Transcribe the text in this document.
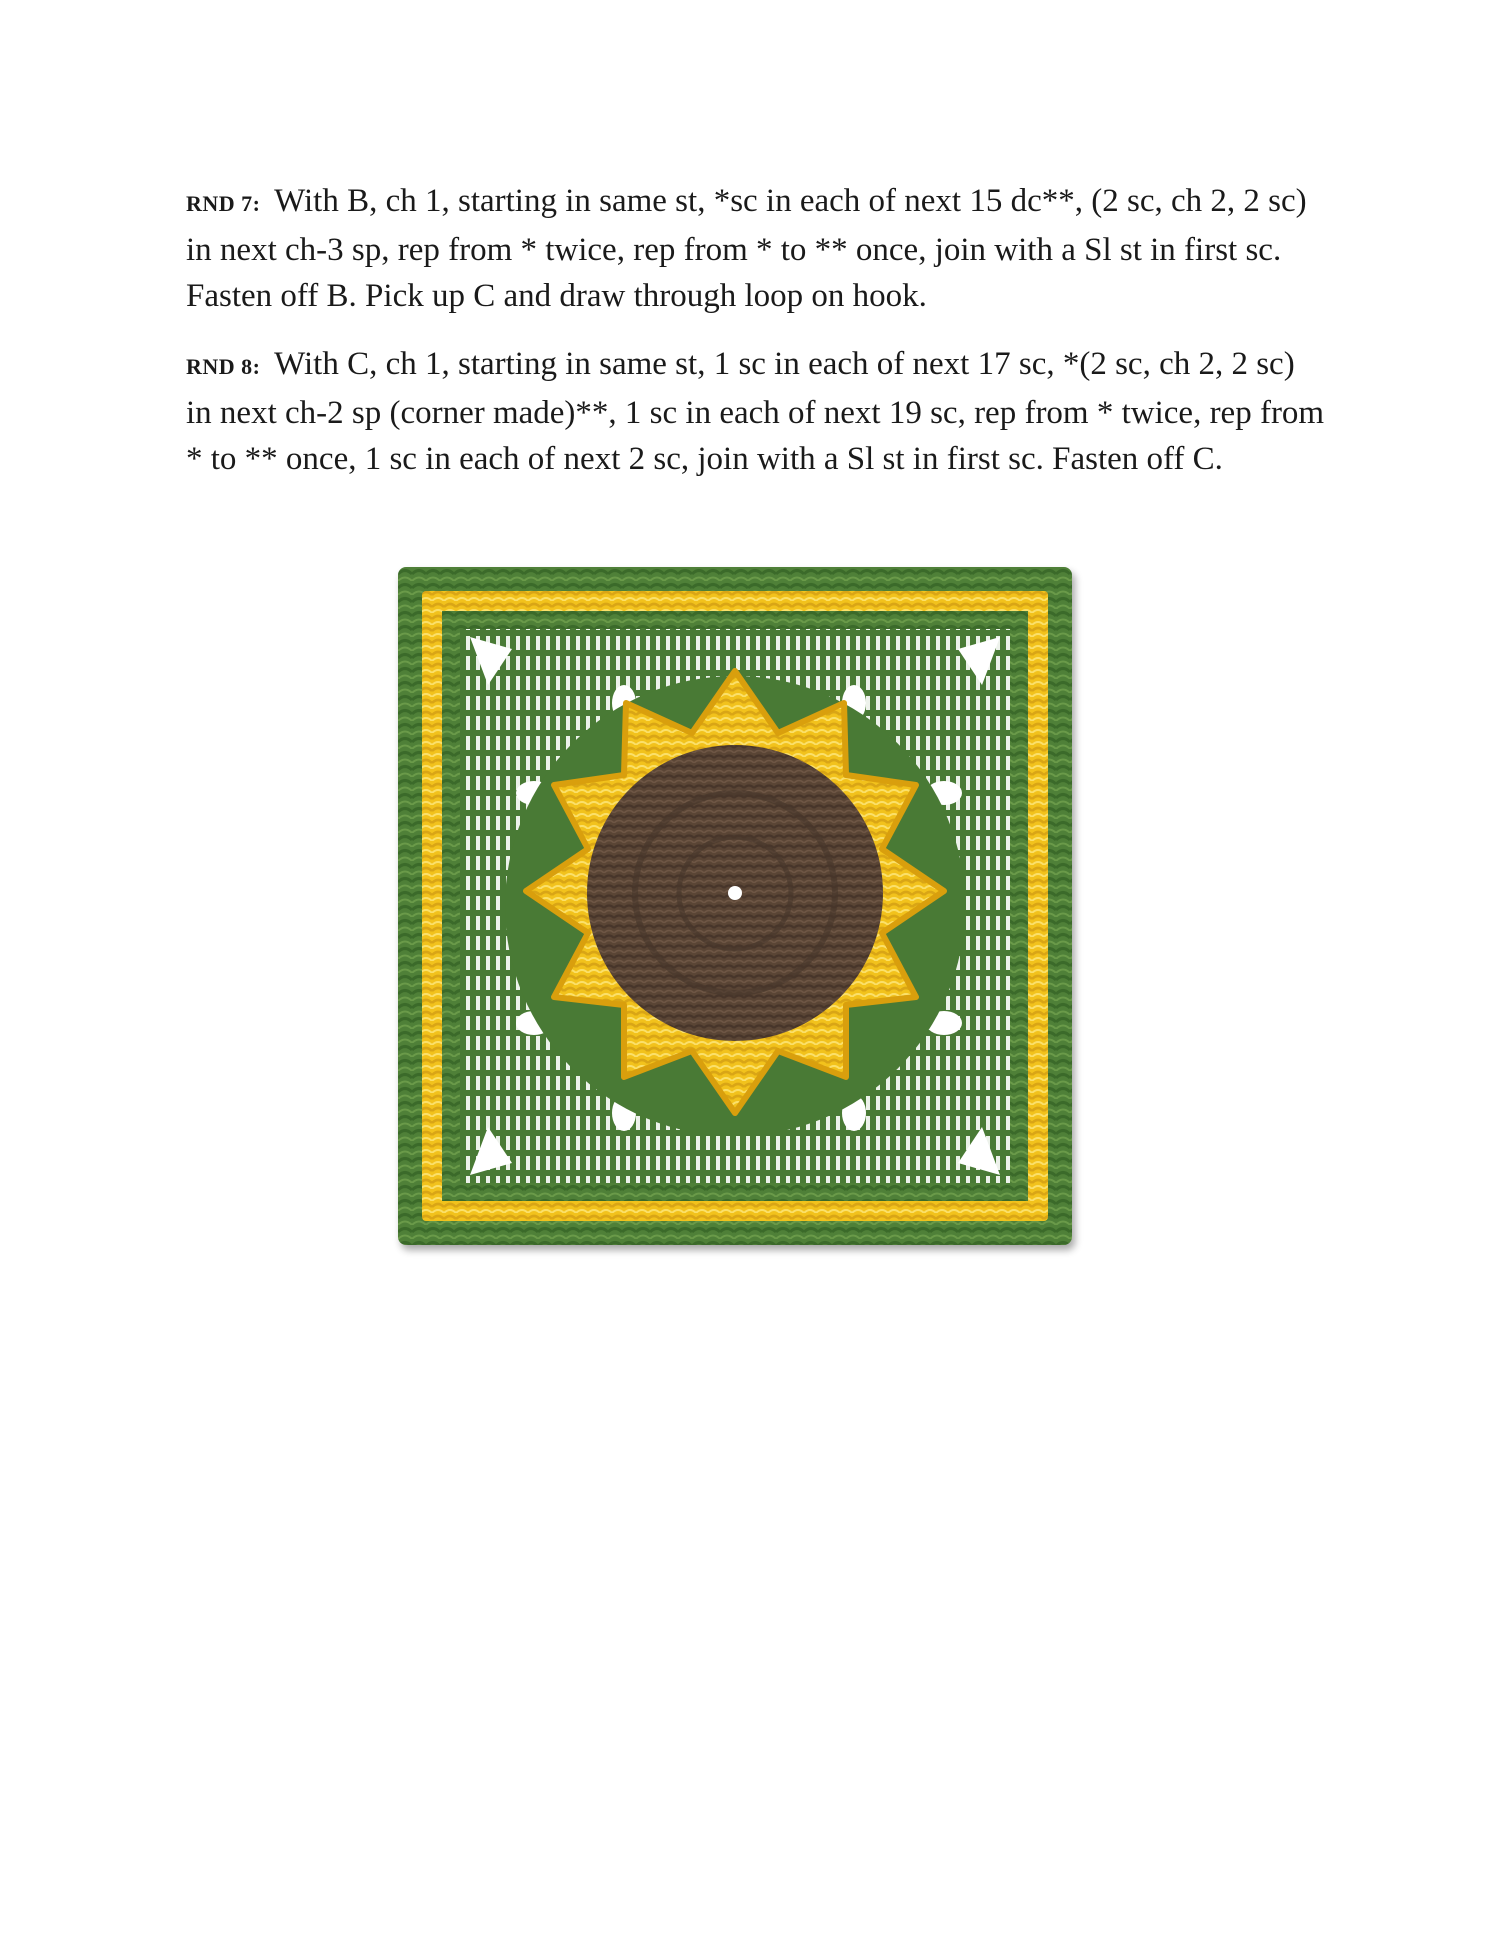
RND 7: With B, ch 1, starting in same st, *sc in each of next 15 dc**, (2 sc, ch 2, 2 sc) in next ch-3 sp, rep from * twice, rep from * to ** once, join with a Sl st in first sc. Fasten off B. Pick up C and draw through loop on hook.

RND 8: With C, ch 1, starting in same st, 1 sc in each of next 17 sc, *(2 sc, ch 2, 2 sc) in next ch-2 sp (corner made)**, 1 sc in each of next 19 sc, rep from * twice, rep from * to ** once, 1 sc in each of next 2 sc, join with a Sl st in first sc. Fasten off C.
